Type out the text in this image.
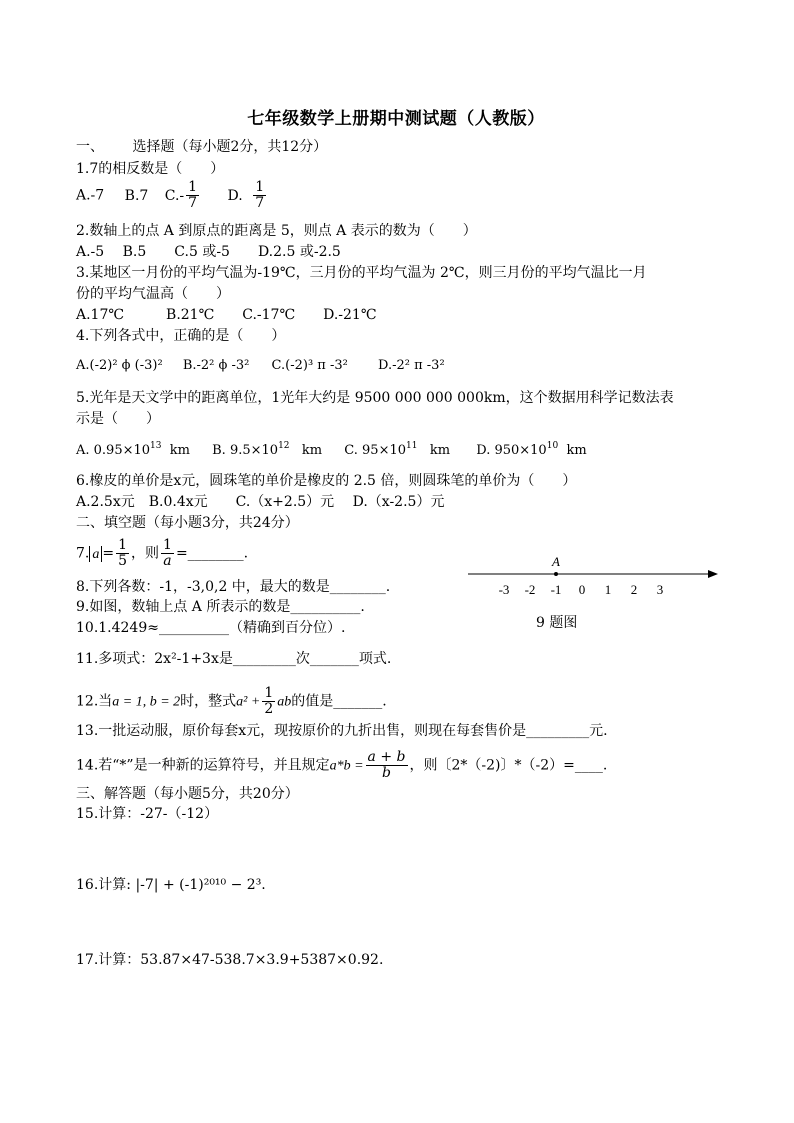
七年级数学上册期中测试题（人教版）
一、 选择题（每小题2分，共12分）
1.7的相反数是（　　）
A.-7 B.7 $C.- \frac{1}{7} D$. $\frac{1}{7}$
2.数轴上的点 A 到原点的距离是 5，则点 A 表示的数为（　　）
A.-5　 B.5　　C.5 或-5　　D.2.5 或-2.5
3.某地区一月份的平均气温为-19℃，三月份的平均气温为 2℃，则三月份的平均气温比一月
份的平均气温高（　　）
A.17℃　　　B.21℃　　C.-17℃　　D.-21℃
4.下列各式中，正确的是（　　）
A.(-2)² ϕ (-3)² B.-2² ϕ -3² C.(-2)³ π -3² D.-2² π -3²
5.光年是天文学中的距离单位，1光年大约是 9500 000 000 000km，这个数据用科学记数法表
示是（　　）
A. $0.95\times 10^{13}$ km B. $9.5\times 10^{12}$ km C. $95\times 10^{11}$ km D. $950\times 10^{10}$ km
6.橡皮的单价是x元，圆珠笔的单价是橡皮的 2.5 倍，则圆珠笔的单价为（　　）
A.2.5x元　B.0.4x元　　C.（x+2.5）元　 D.（x-2.5）元
二、填空题（每小题3分，共24分）
7. $a = \frac{1}{5}$ ，则 $\frac{1}{a}$ =________.
8.下列各数：-1，-3,0,2 中，最大的数是________.
9.如图，数轴上点 A 所表示的数是__________.
10.1.4249≈__________（精确到百分位）.
-3 -2 -1 0 1 2 3
A
9 题图
11.多项式：2x²-1+3x是_________次_______项式.
12.当a = 1, b = 2时，整式$a^2 + \frac{1}{2}$ ab的值是_______.
13.一批运动服，原价每套x元，现按原价的九折出售，则现在每套售价是_________元.
14.若“*”是一种新的运算符号，并且规定$a*b = \frac{a + b}{b}$ ，则〔2*（-2)〕*（-2）=____.
三、解答题（每小题5分，共20分）
15.计算：-27-（-12）
16.计算: |-7| + (-1)²⁰¹⁰ − 2³.
17.计算：53.87×47-538.7×3.9+5387×0.92.
